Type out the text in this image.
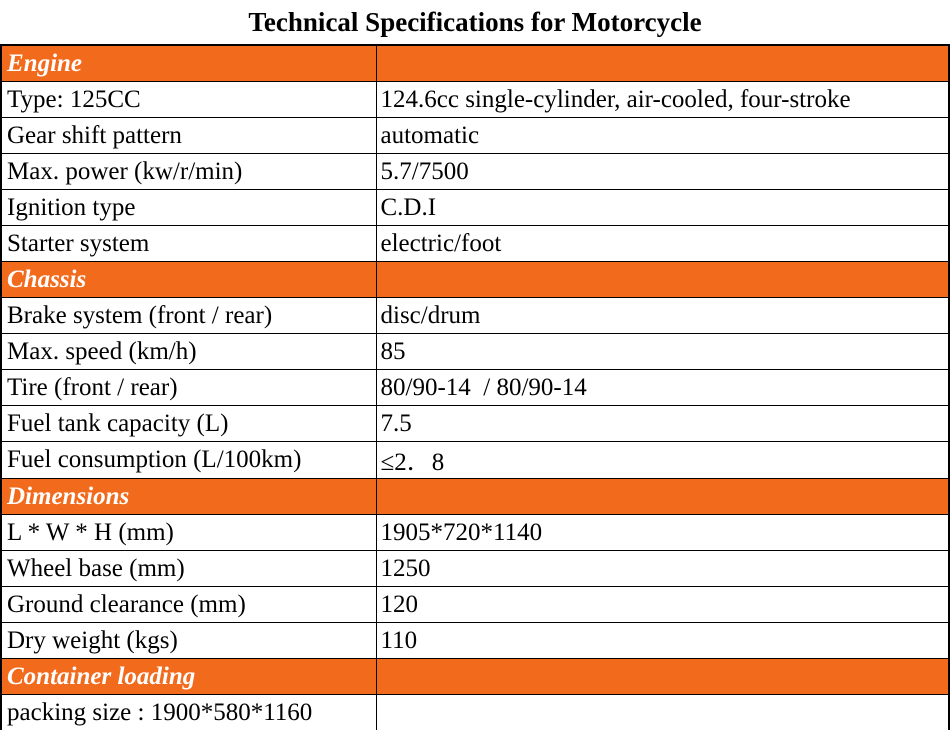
Technical Specifications for Motorcycle
Engine	
Type: 125CC	124.6cc single-cylinder, air-cooled, four-stroke
Gear shift pattern	automatic
Max. power (kw/r/min)	5.7/7500
Ignition type	C.D.I
Starter system	electric/foot
Chassis	
Brake system (front / rear)	disc/drum
Max. speed (km/h)	85
Tire (front / rear)	80/90-14  / 80/90-14
Fuel tank capacity (L)	7.5
Fuel consumption (L/100km)	≤2．8
Dimensions	
L * W * H (mm)	1905*720*1140
Wheel base (mm)	1250
Ground clearance (mm)	120
Dry weight (kgs)	110
Container loading	
packing size : 1900*580*1160	
